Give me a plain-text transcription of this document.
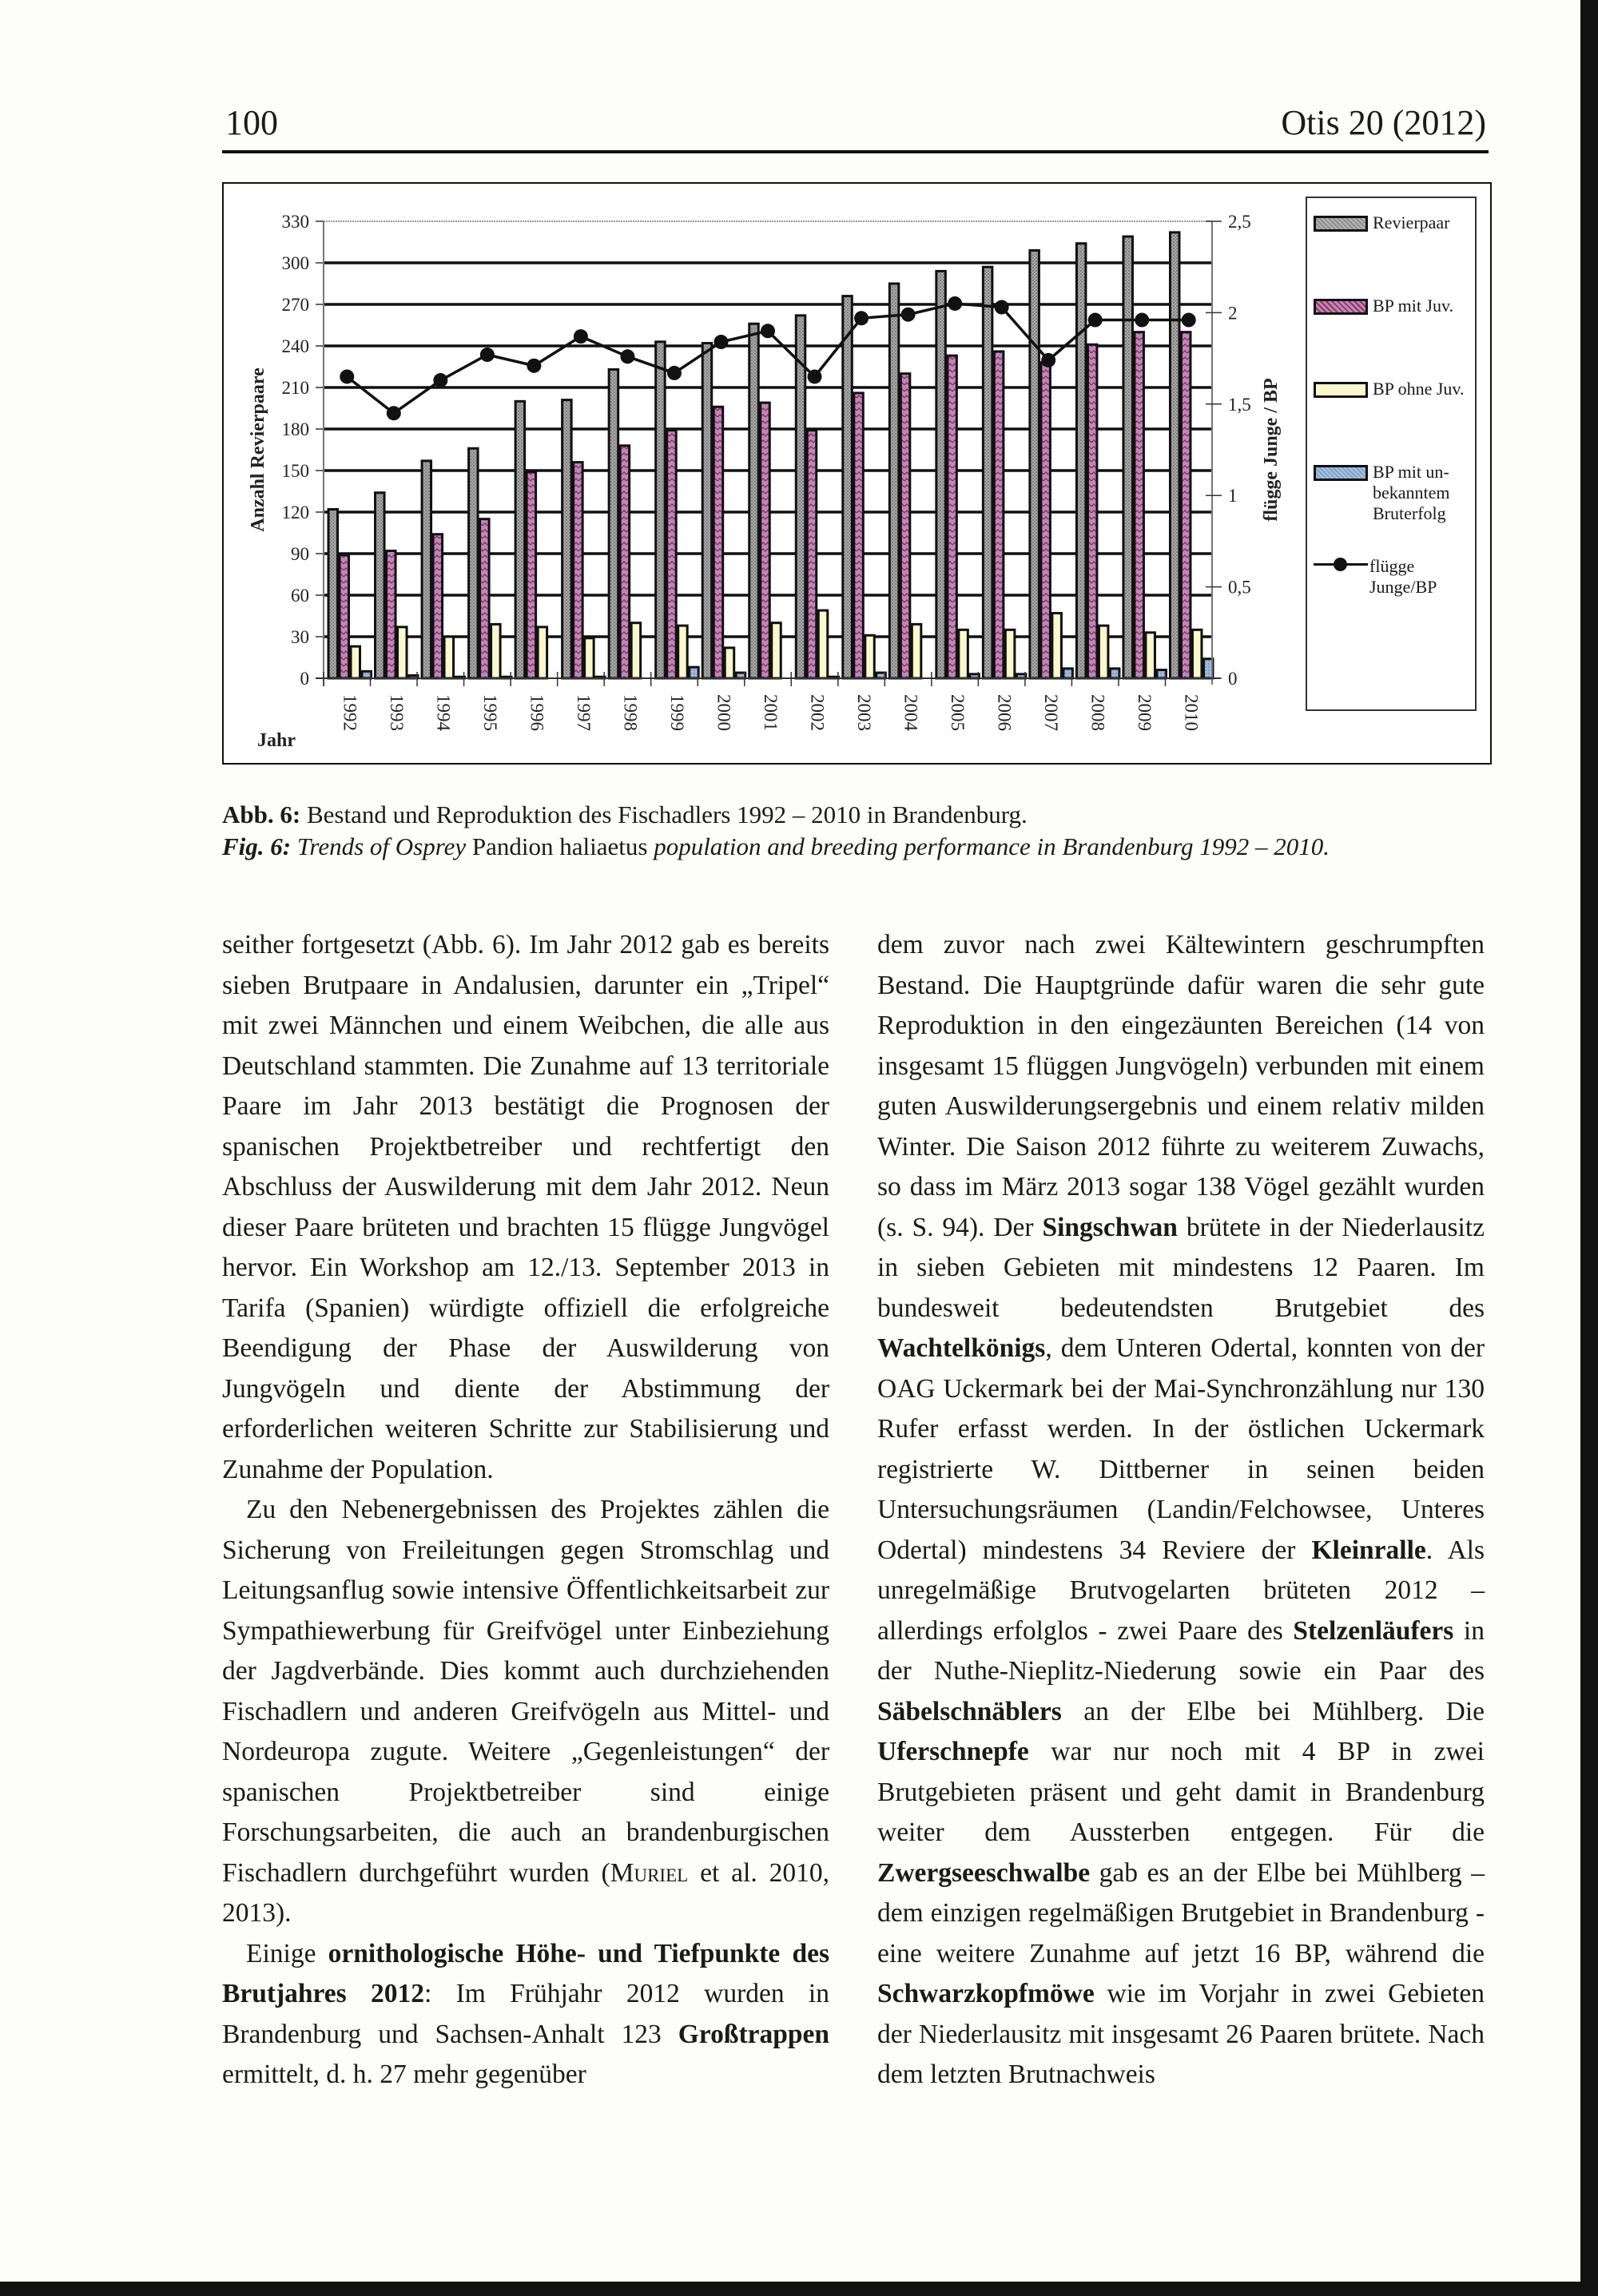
100	Otis 20 (2012)
0
30
60
90
120
150
180
210
240
270
300
330
0
0,5
1
1,5
2
2,5
1992 1993 1994 1995 1996 1997 1998 1999 2000 2001 2002 2003 2004 2005 2006 2007 2008 2009 2010
Anzahl Revierpaare	flügge Junge / BP
Jahr
Revierpaar
BP mit Juv.
BP ohne Juv.
BP mit un-
bekanntem
Bruterfolg
flügge
Junge/BP
Abb. 6: Bestand und Reproduktion des Fischadlers 1992 – 2010 in Brandenburg.
Fig. 6: Trends of Osprey Pandion haliaetus population and breeding performance in Brandenburg 1992 – 2010.

seither fortgesetzt (Abb. 6). Im Jahr 2012 gab es bereits sieben Brutpaare in Andalusien, darunter ein „Tripel“ mit zwei Männchen und einem Weibchen, die alle aus Deutschland stammten. Die Zunahme auf 13 territoriale Paare im Jahr 2013 bestätigt die Prognosen der spanischen Projektbetreiber und rechtfertigt den Abschluss der Auswilderung mit dem Jahr 2012. Neun dieser Paare brüteten und brachten 15 flügge Jungvögel hervor. Ein Workshop am 12./13. September 2013 in Tarifa (Spanien) würdigte offiziell die erfolgreiche Beendigung der Phase der Auswilderung von Jungvögeln und diente der Abstimmung der erforderlichen weiteren Schritte zur Stabilisierung und Zunahme der Population.

Zu den Nebenergebnissen des Projektes zählen die Sicherung von Freileitungen gegen Stromschlag und Leitungsanflug sowie intensive Öffentlichkeitsarbeit zur Sympathiewerbung für Greifvögel unter Einbeziehung der Jagdverbände. Dies kommt auch durchziehenden Fischadlern und anderen Greifvögeln aus Mittel- und Nordeuropa zugute. Weitere „Gegenleistungen“ der spanischen Projektbetreiber sind einige Forschungsarbeiten, die auch an brandenburgischen Fischadlern durchgeführt wurden (Muriel et al. 2010, 2013).

Einige ornithologische Höhe- und Tiefpunkte des Brutjahres 2012: Im Frühjahr 2012 wurden in Brandenburg und Sachsen-Anhalt 123 Großtrappen ermittelt, d. h. 27 mehr gegenüber

dem zuvor nach zwei Kältewintern geschrumpften Bestand. Die Hauptgründe dafür waren die sehr gute Reproduktion in den eingezäunten Bereichen (14 von insgesamt 15 flüggen Jungvögeln) verbunden mit einem guten Auswilderungsergebnis und einem relativ milden Winter. Die Saison 2012 führte zu weiterem Zuwachs, so dass im März 2013 sogar 138 Vögel gezählt wurden (s. S. 94). Der Singschwan brütete in der Niederlausitz in sieben Gebieten mit mindestens 12 Paaren. Im bundesweit bedeutendsten Brutgebiet des Wachtelkönigs, dem Unteren Odertal, konnten von der OAG Uckermark bei der Mai-Synchronzählung nur 130 Rufer erfasst werden. In der östlichen Uckermark registrierte W. Dittberner in seinen beiden Untersuchungsräumen (Landin/Felchowsee, Unteres Odertal) mindestens 34 Reviere der Kleinralle. Als unregelmäßige Brutvogelarten brüteten 2012 – allerdings erfolglos - zwei Paare des Stelzenläufers in der Nuthe-Nieplitz-Niederung sowie ein Paar des Säbelschnäblers an der Elbe bei Mühlberg. Die Uferschnepfe war nur noch mit 4 BP in zwei Brutgebieten präsent und geht damit in Brandenburg weiter dem Aussterben entgegen. Für die Zwergseeschwalbe gab es an der Elbe bei Mühlberg – dem einzigen regelmäßigen Brutgebiet in Brandenburg - eine weitere Zunahme auf jetzt 16 BP, während die Schwarzkopfmöwe wie im Vorjahr in zwei Gebieten der Niederlausitz mit insgesamt 26 Paaren brütete. Nach dem letzten Brutnachweis
